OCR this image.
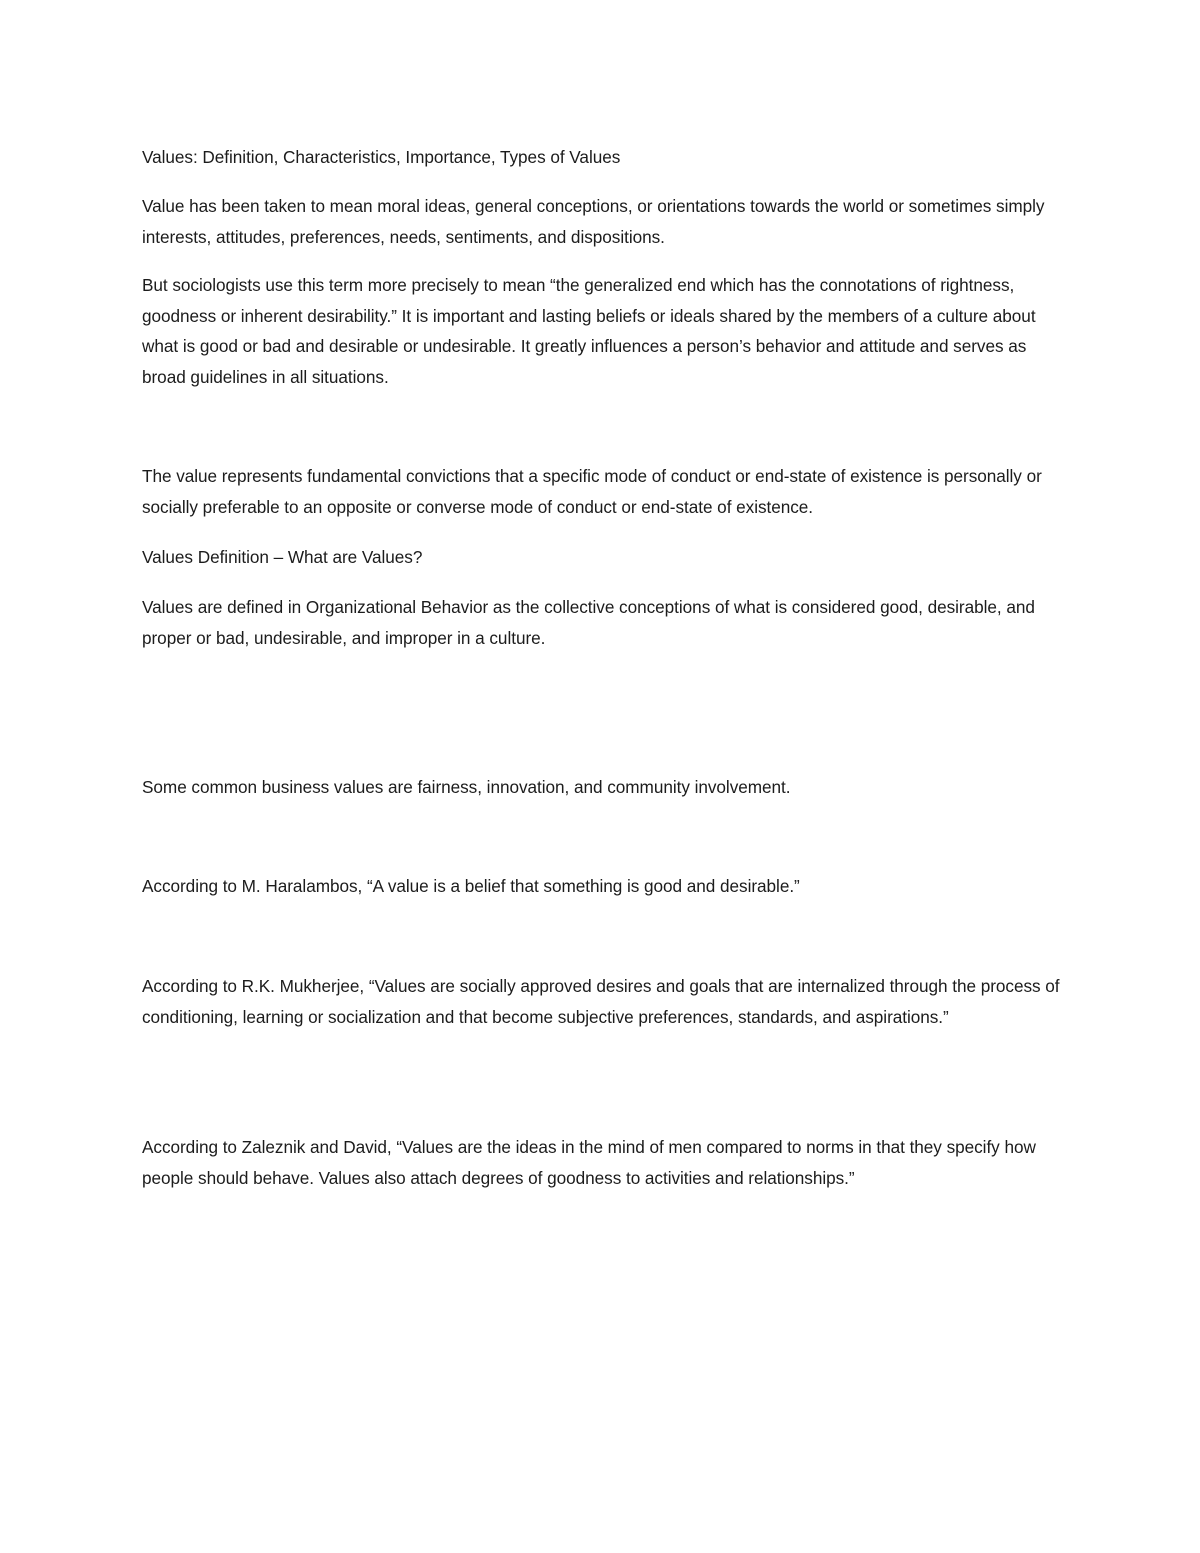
Values: Definition, Characteristics, Importance, Types of Values

Value has been taken to mean moral ideas, general conceptions, or orientations towards the world or sometimes simply interests, attitudes, preferences, needs, sentiments, and dispositions.

But sociologists use this term more precisely to mean “the generalized end which has the connotations of rightness, goodness or inherent desirability.” It is important and lasting beliefs or ideals shared by the members of a culture about what is good or bad and desirable or undesirable. It greatly influences a person’s behavior and attitude and serves as broad guidelines in all situations.

The value represents fundamental convictions that a specific mode of conduct or end-state of existence is personally or socially preferable to an opposite or converse mode of conduct or end-state of existence.

Values Definition – What are Values?

Values are defined in Organizational Behavior as the collective conceptions of what is considered good, desirable, and proper or bad, undesirable, and improper in a culture.

Some common business values are fairness, innovation, and community involvement.

According to M. Haralambos, “A value is a belief that something is good and desirable.”

According to R.K. Mukherjee, “Values are socially approved desires and goals that are internalized through the process of conditioning, learning or socialization and that become subjective preferences, standards, and aspirations.”

According to Zaleznik and David, “Values are the ideas in the mind of men compared to norms in that they specify how people should behave. Values also attach degrees of goodness to activities and relationships.”
